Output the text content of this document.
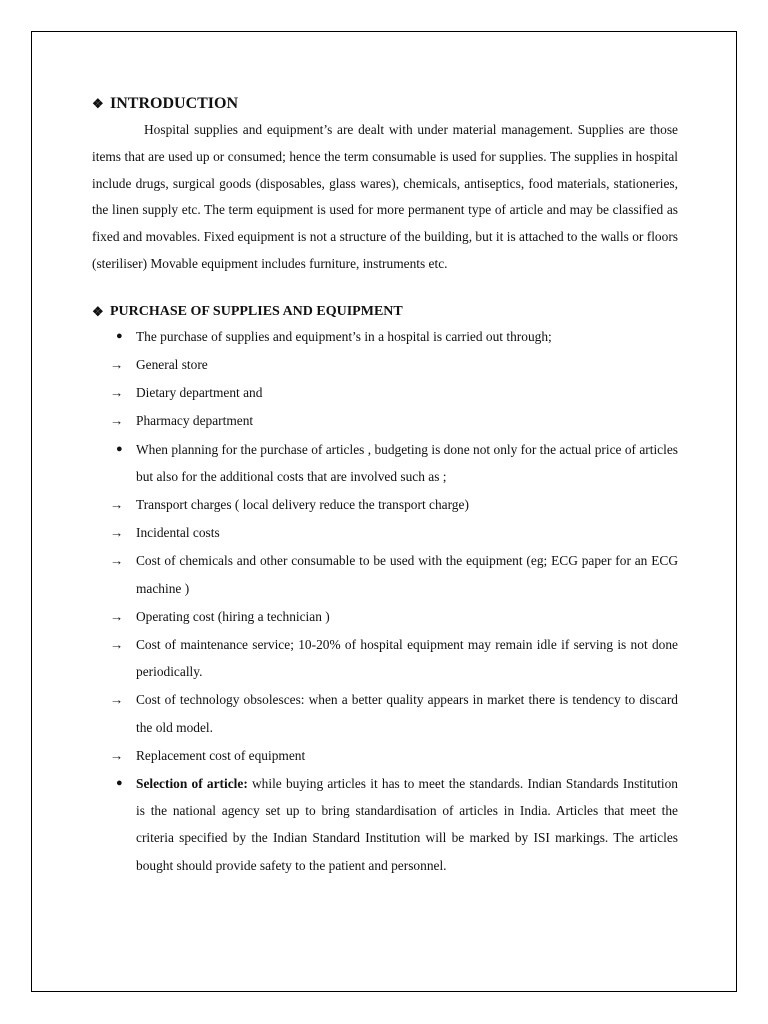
❖ INTRODUCTION

Hospital supplies and equipment’s are dealt with under material management. Supplies are those items that are used up or consumed; hence the term consumable is used for supplies. The supplies in hospital include drugs, surgical goods (disposables, glass wares), chemicals, antiseptics, food materials, stationeries, the linen supply etc. The term equipment is used for more permanent type of article and may be classified as fixed and movables. Fixed equipment is not a structure of the building, but it is attached to the walls or floors (steriliser) Movable equipment includes furniture, instruments etc.

❖ PURCHASE OF SUPPLIES AND EQUIPMENT
● The purchase of supplies and equipment’s in a hospital is carried out through;
→ General store
→ Dietary department and
→ Pharmacy department
● When planning for the purchase of articles , budgeting is done not only for the actual price of articles but also for the additional costs that are involved such as ;
→ Transport charges ( local delivery reduce the transport charge)
→ Incidental costs
→ Cost of chemicals and other consumable to be used with the equipment (eg; ECG paper for an ECG machine )
→ Operating cost (hiring a technician )
→ Cost of maintenance service; 10-20% of hospital equipment may remain idle if serving is not done periodically.
→ Cost of technology obsolesces: when a better quality appears in market there is tendency to discard the old model.
→ Replacement cost of equipment
● Selection of article: while buying articles it has to meet the standards. Indian Standards Institution is the national agency set up to bring standardisation of articles in India. Articles that meet the criteria specified by the Indian Standard Institution will be marked by ISI markings. The articles bought should provide safety to the patient and personnel.
